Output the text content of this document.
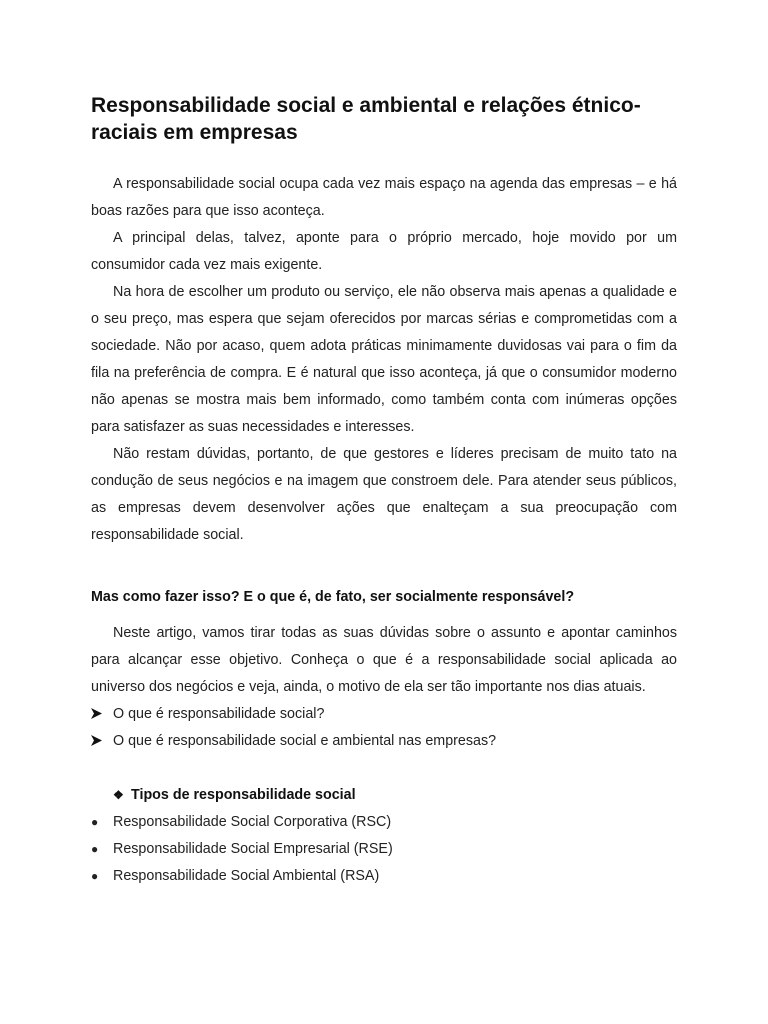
Responsabilidade social e ambiental e relações étnico-raciais em empresas

A responsabilidade social ocupa cada vez mais espaço na agenda das empresas – e há boas razões para que isso aconteça.

A principal delas, talvez, aponte para o próprio mercado, hoje movido por um consumidor cada vez mais exigente.

Na hora de escolher um produto ou serviço, ele não observa mais apenas a qualidade e o seu preço, mas espera que sejam oferecidos por marcas sérias e comprometidas com a sociedade. Não por acaso, quem adota práticas minimamente duvidosas vai para o fim da fila na preferência de compra. E é natural que isso aconteça, já que o consumidor moderno não apenas se mostra mais bem informado, como também conta com inúmeras opções para satisfazer as suas necessidades e interesses.

Não restam dúvidas, portanto, de que gestores e líderes precisam de muito tato na condução de seus negócios e na imagem que constroem dele. Para atender seus públicos, as empresas devem desenvolver ações que enalteçam a sua preocupação com responsabilidade social.

Mas como fazer isso? E o que é, de fato, ser socialmente responsável?

Neste artigo, vamos tirar todas as suas dúvidas sobre o assunto e apontar caminhos para alcançar esse objetivo. Conheça o que é a responsabilidade social aplicada ao universo dos negócios e veja, ainda, o motivo de ela ser tão importante nos dias atuais.

O que é responsabilidade social?
O que é responsabilidade social e ambiental nas empresas?
❖ Tipos de responsabilidade social
●	Responsabilidade Social Corporativa (RSC)
●	Responsabilidade Social Empresarial (RSE)
●	Responsabilidade Social Ambiental (RSA)
